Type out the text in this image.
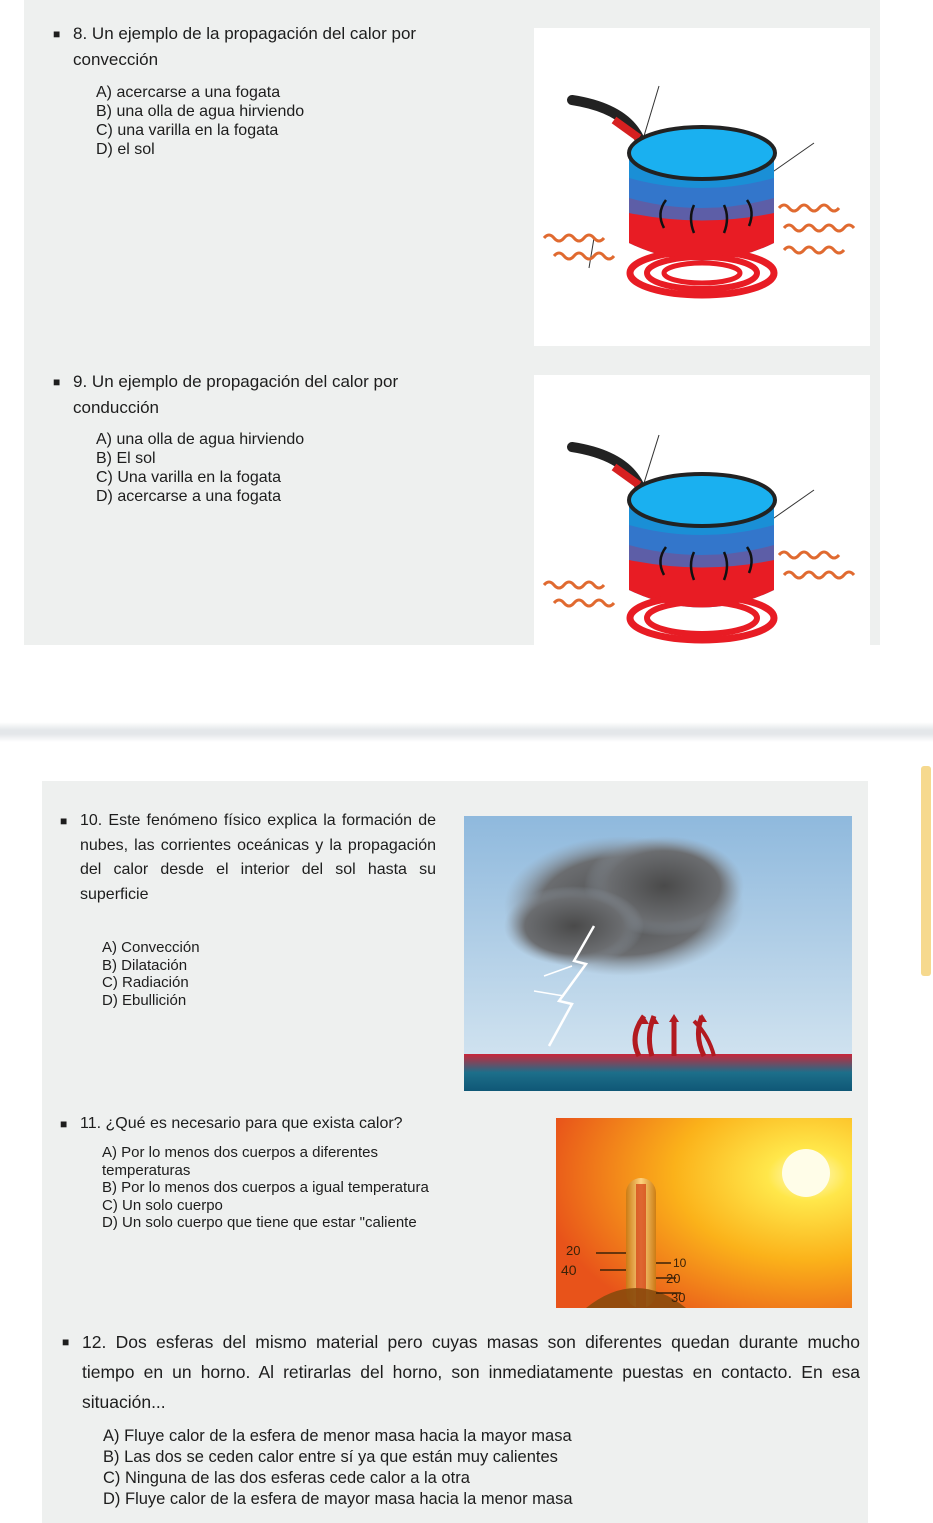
■ 8. Un ejemplo de la propagación del calor por
convección
A) acercarse a una fogata
B) una olla de agua hirviendo
C) una varilla en la fogata
D) el sol
■ 9. Un ejemplo de propagación del calor por
conducción
A) una olla de agua hirviendo
B) El sol
C) Una varilla en la fogata
D) acercarse a una fogata
■ 10. Este fenómeno físico explica la formación de nubes, las corrientes oceánicas y la propagación del calor desde el interior del sol hasta su superficie
A) Convección
B) Dilatación
C) Radiación
D) Ebullición
■ 11. ¿Qué es necesario para que exista calor?
A) Por lo menos dos cuerpos a diferentes temperaturas
B) Por lo menos dos cuerpos a igual temperatura
C) Un solo cuerpo
D) Un solo cuerpo que tiene que estar "caliente
20
40	10
20
30
■ 12. Dos esferas del mismo material pero cuyas masas son diferentes quedan durante mucho tiempo en un horno. Al retirarlas del horno, son inmediatamente puestas en contacto. En esa situación...
A) Fluye calor de la esfera de menor masa hacia la mayor masa
B) Las dos se ceden calor entre sí ya que están muy calientes
C) Ninguna de las dos esferas cede calor a la otra
D) Fluye calor de la esfera de mayor masa hacia la menor masa
